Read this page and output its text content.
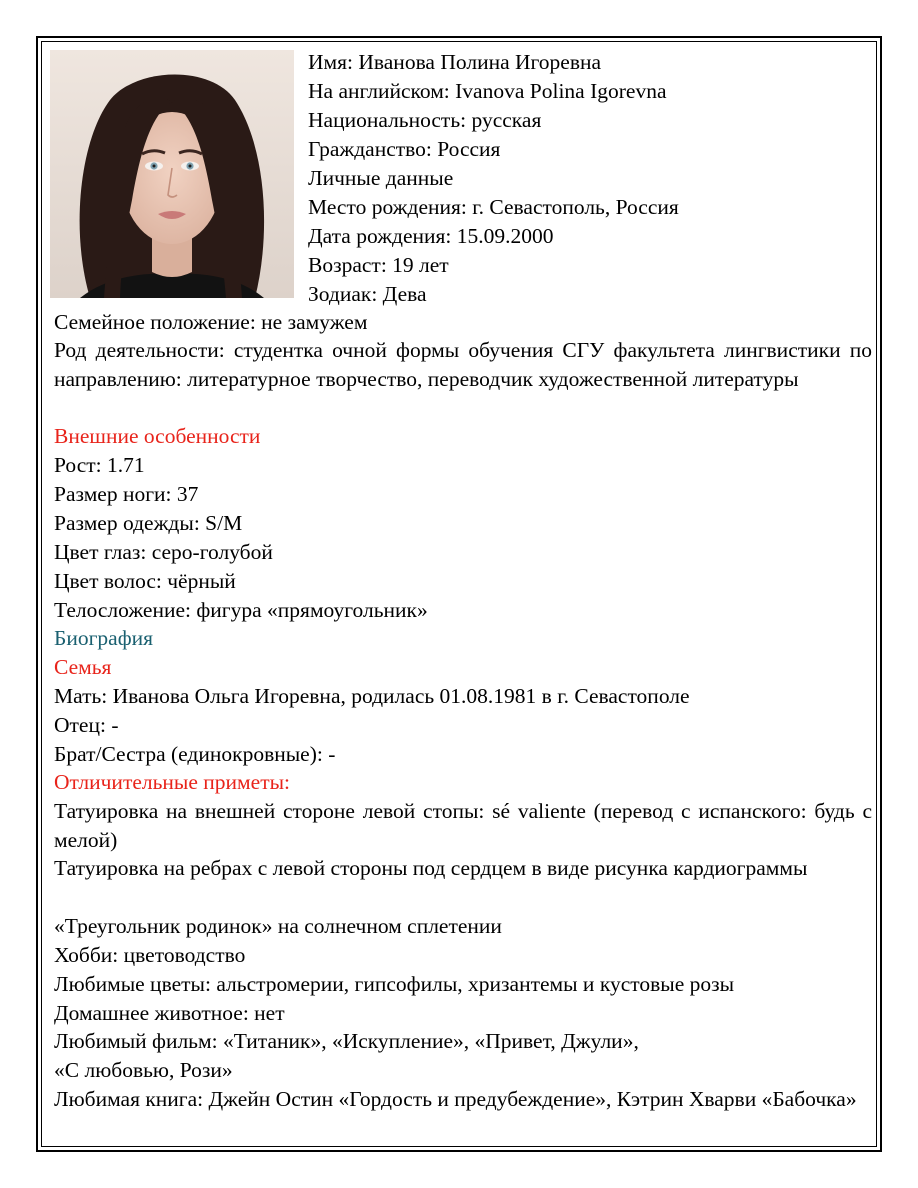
Имя: Иванова Полина Игоревна
На английском: Ivanova Polina Igorevna
Национальность: русская
Гражданство: Россия
Личные данные
Место рождения: г. Севастополь, Россия
Дата рождения: 15.09.2000
Возраст: 19 лет
Зодиак: Дева
Семейное положение: не замужем
Род деятельности: студентка очной формы обучения СГУ факультета лингвистики по направлению: литературное творчество, переводчик художественной литературы
Внешние особенности
Рост: 1.71
Размер ноги: 37
Размер одежды: S/M
Цвет глаз: серо-голубой
Цвет волос: чёрный
Телосложение: фигура «прямоугольник»
Биография
Семья
Мать: Иванова Ольга Игоревна, родилась 01.08.1981 в г. Севастополе
Отец: -
Брат/Сестра (единокровные): -
Отличительные приметы:
Татуировка на внешней стороне левой стопы: sé valiente (перевод с испанского: будь с мелой)
Татуировка на ребрах с левой стороны под сердцем в виде рисунка кардиограммы
«Треугольник родинок» на солнечном сплетении
Хобби: цветоводство
Любимые цветы: альстромерии, гипсофилы, хризантемы и кустовые розы
Домашнее животное: нет
Любимый фильм: «Титаник», «Искупление», «Привет, Джули»,
«С любовью, Рози»
Любимая книга: Джейн Остин «Гордость и предубеждение», Кэтрин Хварви «Бабочка»
